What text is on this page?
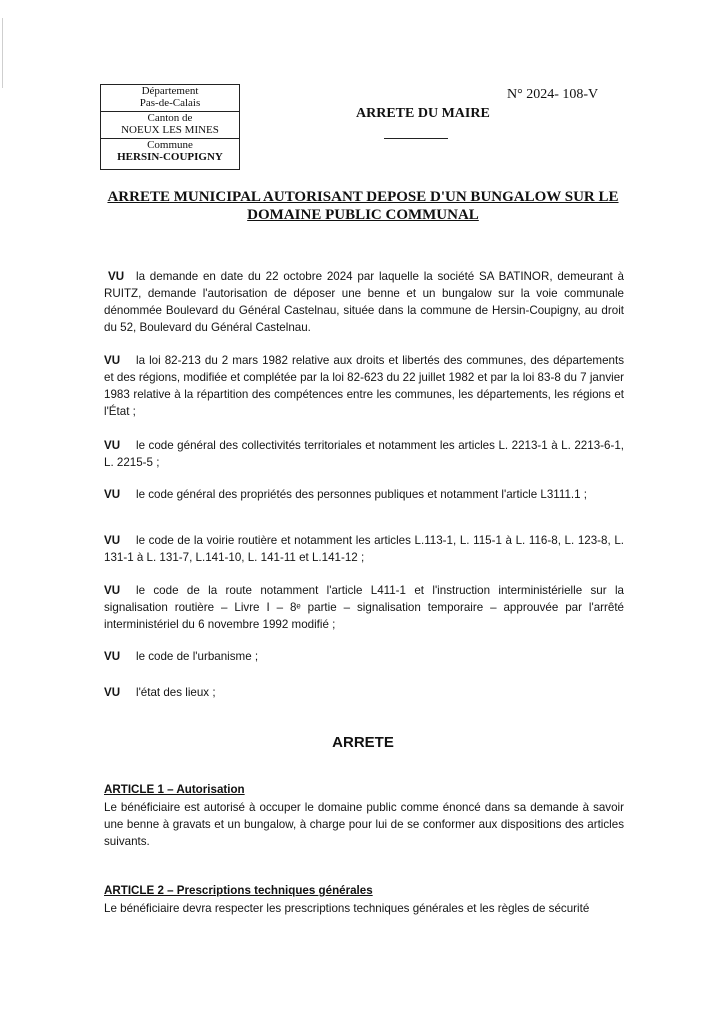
Département
Pas-de-Calais
Canton de
NOEUX LES MINES
Commune
HERSIN-COUPIGNY
N° 2024- 108-V
ARRETE DU MAIRE
ARRETE MUNICIPAL AUTORISANT DEPOSE D'UN BUNGALOW SUR LE
DOMAINE PUBLIC COMMUNAL
VU la demande en date du 22 octobre 2024 par laquelle la société SA BATINOR, demeurant à RUITZ, demande l'autorisation de déposer une benne et un bungalow sur la voie communale dénommée Boulevard du Général Castelnau, située dans la commune de Hersin-Coupigny, au droit du 52, Boulevard du Général Castelnau.
VU la loi 82-213 du 2 mars 1982 relative aux droits et libertés des communes, des départements et des régions, modifiée et complétée par la loi 82-623 du 22 juillet 1982 et par la loi 83-8 du 7 janvier 1983 relative à la répartition des compétences entre les communes, les départements, les régions et l'État ;
VU le code général des collectivités territoriales et notamment les articles L. 2213-1 à L. 2213-6-1, L. 2215-5 ;
VU le code général des propriétés des personnes publiques et notamment l'article L3111.1 ;
VU le code de la voirie routière et notamment les articles L.113-1, L. 115-1 à L. 116-8, L. 123-8, L. 131-1 à L. 131-7, L.141-10, L. 141-11 et L.141-12 ;
VU le code de la route notamment l'article L411-1 et l'instruction interministérielle sur la signalisation routière – Livre I – 8ᵉ partie – signalisation temporaire – approuvée par l'arrêté interministériel du 6 novembre 1992 modifié ;
VU le code de l'urbanisme ;
VU l'état des lieux ;
ARRETE
ARTICLE 1 – Autorisation
Le bénéficiaire est autorisé à occuper le domaine public comme énoncé dans sa demande à savoir une benne à gravats et un bungalow, à charge pour lui de se conformer aux dispositions des articles suivants.
ARTICLE 2 – Prescriptions techniques générales
Le bénéficiaire devra respecter les prescriptions techniques générales et les règles de sécurité
